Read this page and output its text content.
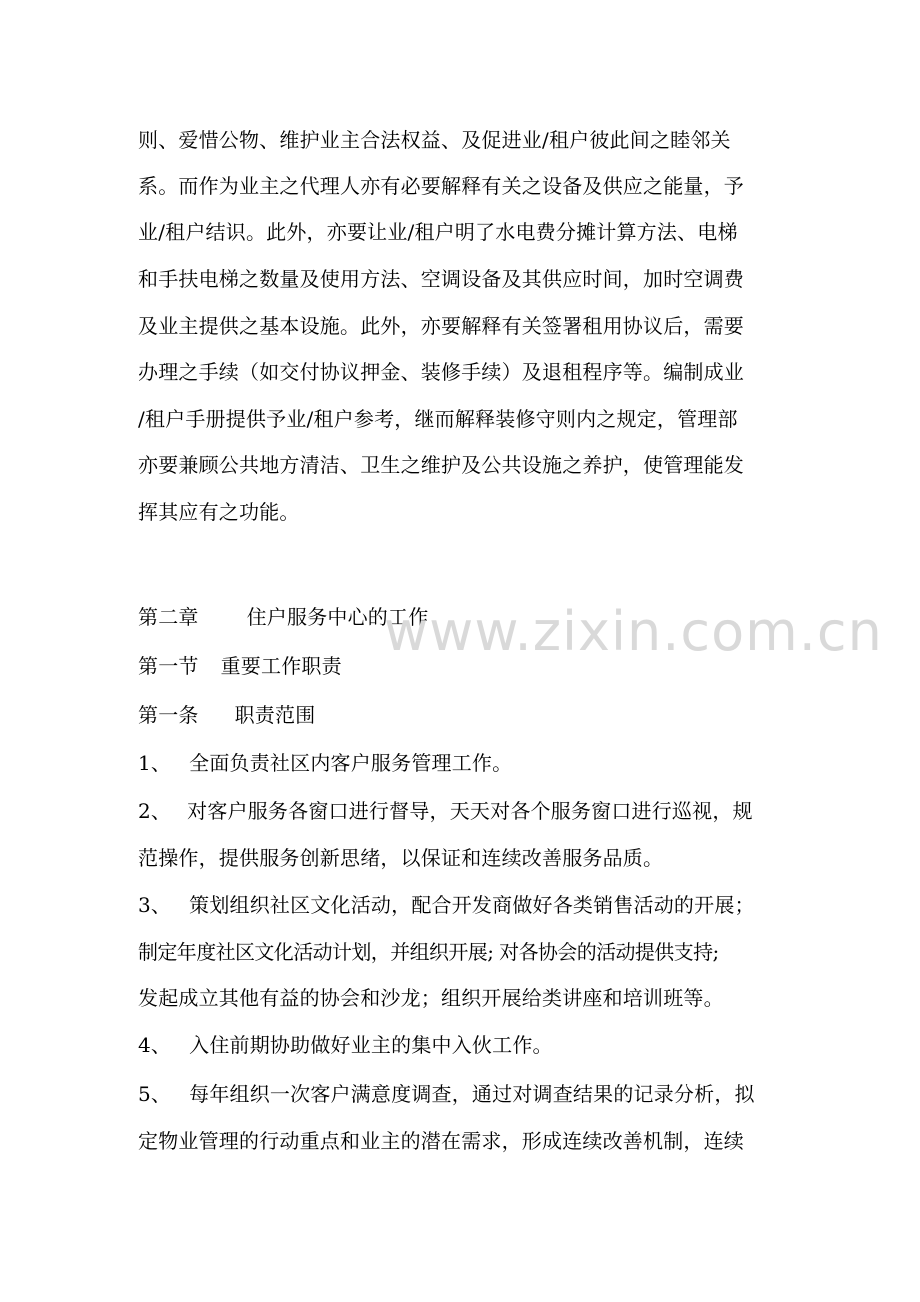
则、爱惜公物、维护业主合法权益、及促进业/租户彼此间之睦邻关
系。而作为业主之代理人亦有必要解释有关之设备及供应之能量，予
业/租户结识。此外，亦要让业/租户明了水电费分摊计算方法、电梯
和手扶电梯之数量及使用方法、空调设备及其供应时间，加时空调费
及业主提供之基本设施。此外，亦要解释有关签署租用协议后，需要
办理之手续（如交付协议押金、装修手续）及退租程序等。编制成业
/租户手册提供予业/租户参考，继而解释装修守则内之规定，管理部
亦要兼顾公共地方清洁、卫生之维护及公共设施之养护，使管理能发
挥其应有之功能。
第二章 住户服务中心的工作
第一节 重要工作职责
第一条 职责范围
1、 全面负责社区内客户服务管理工作。
2、 对客户服务各窗口进行督导，天天对各个服务窗口进行巡视，规
范操作，提供服务创新思绪，以保证和连续改善服务品质。
3、 策划组织社区文化活动，配合开发商做好各类销售活动的开展；
制定年度社区文化活动计划，并组织开展; 对各协会的活动提供支持;
发起成立其他有益的协会和沙龙；组织开展给类讲座和培训班等。
4、 入住前期协助做好业主的集中入伙工作。
5、 每年组织一次客户满意度调查，通过对调查结果的记录分析，拟
定物业管理的行动重点和业主的潜在需求，形成连续改善机制，连续
www.zixin.com.cn
